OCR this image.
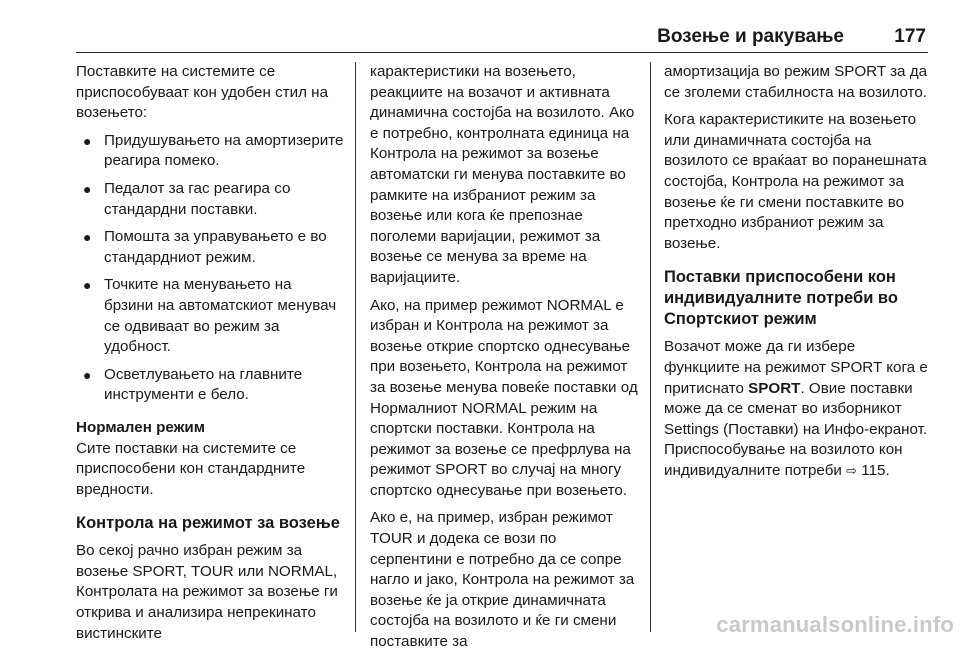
Возење и ракување	177

Поставките на системите се приспособуваат кон удобен стил на возењето:

● Придушувањето на амортизерите реагира помеко.
● Педалот за гас реагира со стандардни поставки.
● Помошта за управувањето е во стандардниот режим.
● Точките на менувањето на брзини на автоматскиот менувач се одвиваат во режим за удобност.
● Осветлувањето на главните инструменти е бело.
Нормален режим

Сите поставки на системите се приспособени кон стандардните вредности.

Контрола на режимот за возење

Во секој рачно избран режим за возење SPORT, TOUR или NORMAL, Контролата на режимот за возење ги открива и анализира непрекинато вистинските

карактеристики на возењето, реакциите на возачот и активната динамична состојба на возилото. Ако е потребно, контролната единица на Контрола на режимот за возење автоматски ги менува поставките во рамките на избраниот режим за возење или кога ќе препознае поголеми варијации, режимот за возење се менува за време на варијациите.

Ако, на пример режимот NORMAL е избран и Контрола на режимот за возење открие спортско однесување при возењето, Контрола на режимот за возење менува повеќе поставки од Нормалниот NORMAL режим на спортски поставки. Контрола на режимот за возење се префрлува на режимот SPORT во случај на многу спортско однесување при возењето.

Ако е, на пример, избран режимот TOUR и додека се вози по серпентини е потребно да се сопре нагло и јако, Контрола на режимот за возење ќе ја открие динамичната состојба на возилото и ќе ги смени поставките за

амортизација во режим SPORT за да се зголеми стабилноста на возилото.

Кога карактеристиките на возењето или динамичната состојба на возилото се враќаат во поранешната состојба, Контрола на режимот за возење ќе ги смени поставките во претходно избраниот режим за возење.

Поставки приспособени кон индивидуалните потреби во Спортскиот режим

Возачот може да ги избере функциите на режимот SPORT кога е притиснато SPORT. Овие поставки може да се сменат во изборникот Settings (Поставки) на Инфо-екранот. Приспособување на возилото кон индивидуалните потреби ⇨ 115.

carmanualsonline.info
